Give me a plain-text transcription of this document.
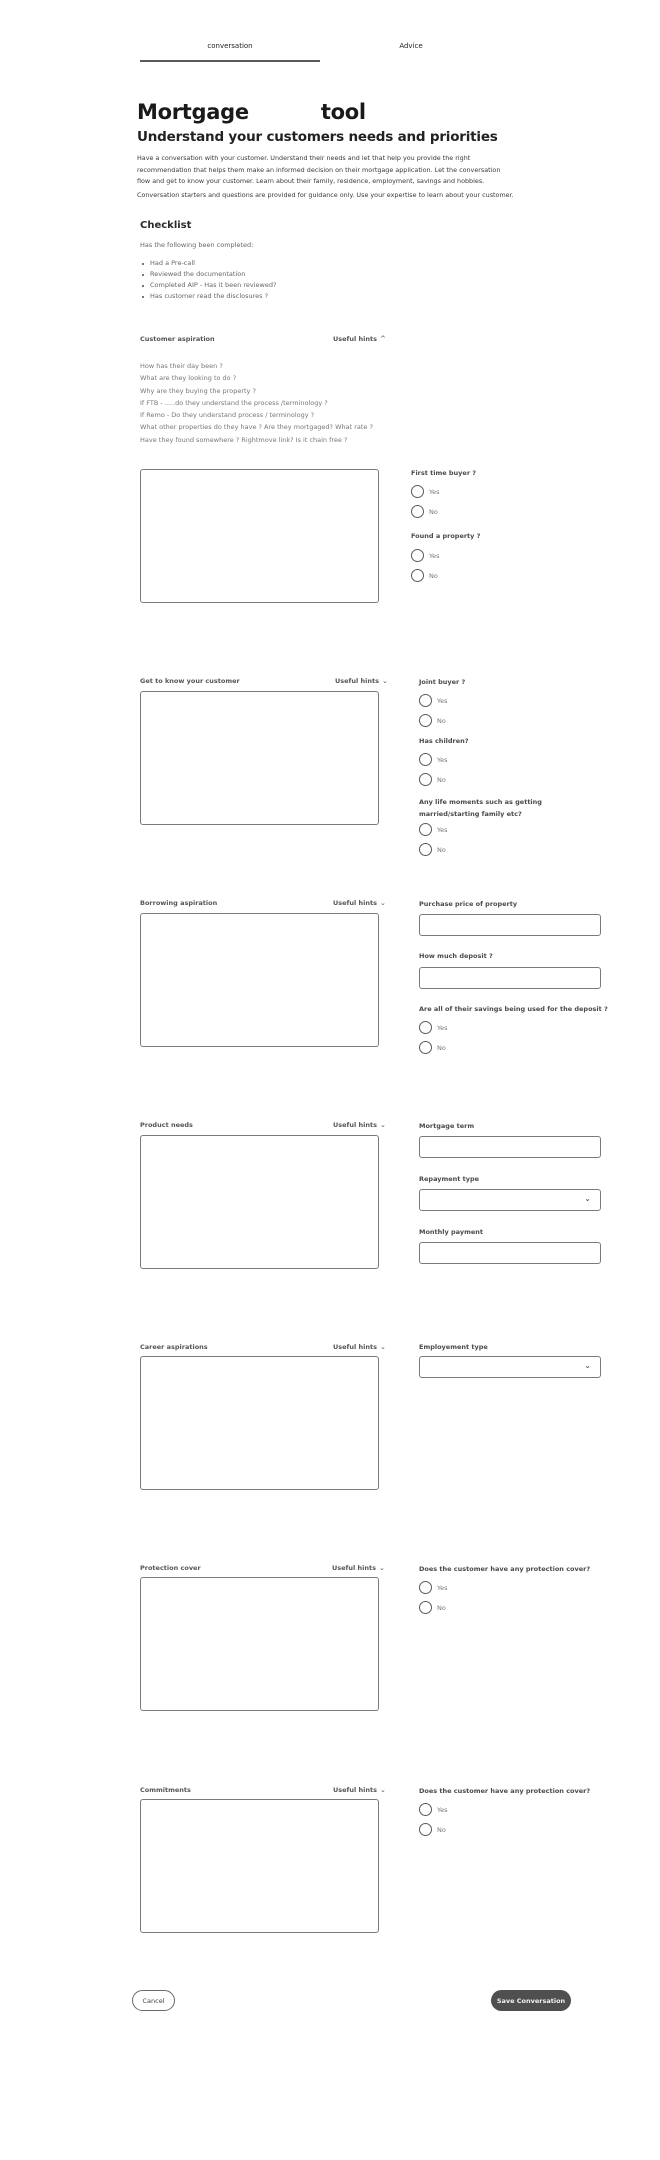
conversation	Advice
Mortgage	tool
Understand your customers needs and priorities

Have a conversation with your customer. Understand their needs and let that help you provide the right recommendation that helps them make an informed decision on their mortgage application. Let the conversation flow and get to know your customer. Learn about their family, residence, employment, savings and hobbies.

Conversation starters and questions are provided for guidance only. Use your expertise to learn about your customer.

Checklist
Has the following been completed:
Had a Pre-call
Reviewed the documentation
Completed AIP - Has it been reviewed?
Has customer read the disclosures ?
Customer aspiration	Useful hints ^
How has their day been ?
What are they looking to do ?
Why are they buying the property ?
If FTB - .....do they understand the process /terminology ?
If Remo - Do they understand process / terminology ?
What other properties do they have ? Are they mortgaged? What rate ?
Have they found somewhere ? Rightmove link? Is it chain free ?
First time buyer ?
Yes
No
Found a property ?
Yes
No
Get to know your customer	Useful hints ⌄	Joint buyer ?
Yes
No
Has children?
Yes
No
Any life moments such as getting married/starting family etc?
Yes
No
Borrowing aspiration	Useful hints ⌄	Purchase price of property
How much deposit ?
Are all of their savings being used for the deposit ?
Yes
No
Product needs	Useful hints ⌄	Mortgage term
Repayment type
⌄
Monthly payment
Career aspirations	Useful hints ⌄	Employement type
⌄
Protection cover	Useful hints ⌄	Does the customer have any protection cover?
Yes
No
Commitments	Useful hints ⌄	Does the customer have any protection cover?
Yes
No
Cancel	Save Conversation
